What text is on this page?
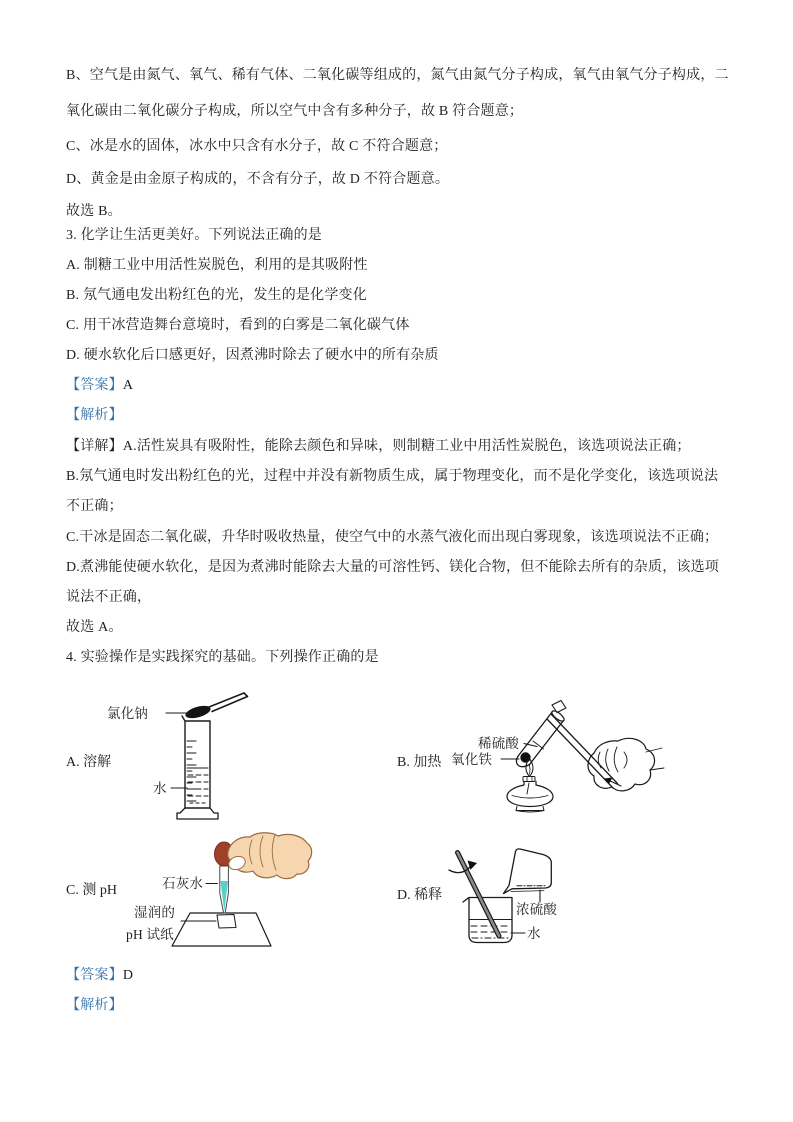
B、空气是由氮气、氧气、稀有气体、二氧化碳等组成的，氮气由氮气分子构成，氧气由氧气分子构成，二
氧化碳由二氧化碳分子构成，所以空气中含有多种分子，故 B 符合题意；
C、冰是水的固体，冰水中只含有水分子，故 C 不符合题意；
D、黄金是由金原子构成的，不含有分子，故 D 不符合题意。
故选 B。
3. 化学让生活更美好。下列说法正确的是
A. 制糖工业中用活性炭脱色，利用的是其吸附性
B. 氖气通电发出粉红色的光，发生的是化学变化
C. 用干冰营造舞台意境时，看到的白雾是二氧化碳气体
D. 硬水软化后口感更好，因煮沸时除去了硬水中的所有杂质
【答案】A
【解析】
【详解】A.活性炭具有吸附性，能除去颜色和异味，则制糖工业中用活性炭脱色，该选项说法正确；
B.氖气通电时发出粉红色的光，过程中并没有新物质生成，属于物理变化，而不是化学变化，该选项说法
不正确；
C.干冰是固态二氧化碳，升华时吸收热量，使空气中的水蒸气液化而出现白雾现象，该选项说法不正确；
D.煮沸能使硬水软化，是因为煮沸时能除去大量的可溶性钙、镁化合物，但不能除去所有的杂质，该选项
说法不正确，
故选 A。
4. 实验操作是实践探究的基础。下列操作正确的是
A. 溶解
氯化钠
水
B. 加热
稀硫酸
氧化铁
C. 测 pH	石灰水
湿润的
pH 试纸
D. 稀释
浓硫酸
水
【答案】D
【解析】
